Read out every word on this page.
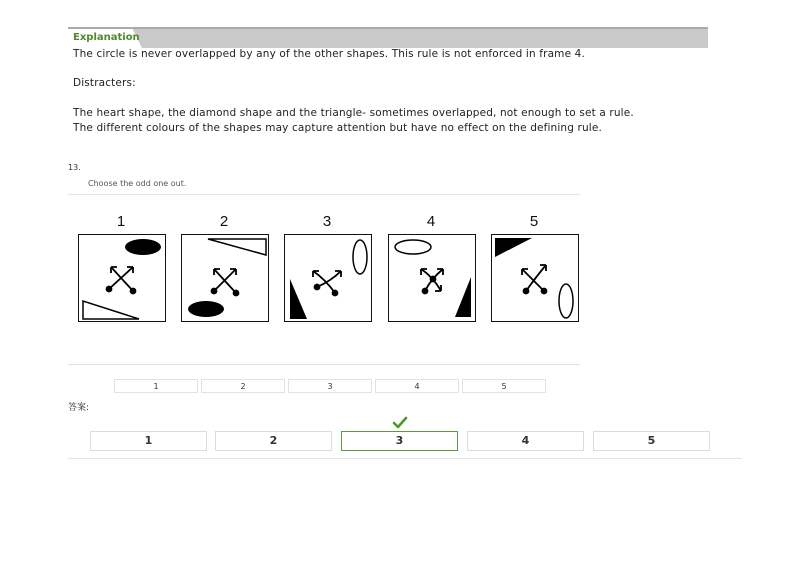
Explanation
The circle is never overlapped by any of the other shapes. This rule is not enforced in frame 4.
Distracters:
The heart shape, the diamond shape and the triangle- sometimes overlapped, not enough to set a rule.
The different colours of the shapes may capture attention but have no effect on the defining rule.
13.
Choose the odd one out.
1	2	3	4	5
1	2	3	4	5
答案:
1	2	3	4	5
